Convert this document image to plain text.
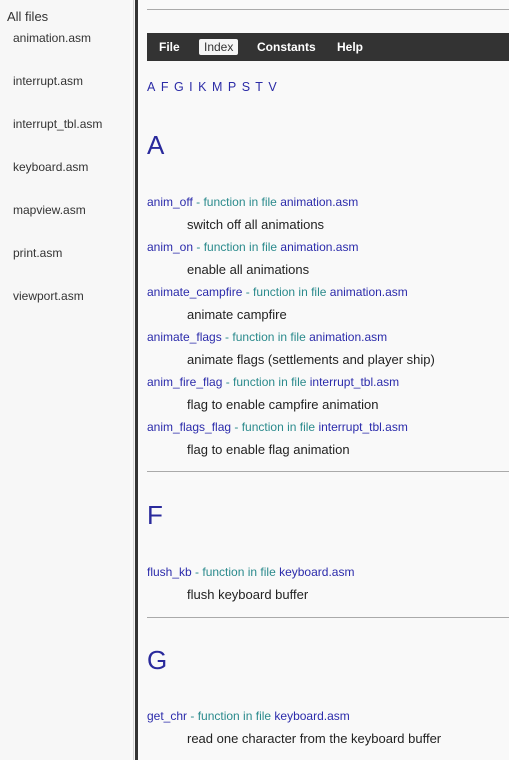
All files
animation.asm
interrupt.asm
interrupt_tbl.asm
keyboard.asm
mapview.asm
print.asm
viewport.asm
File	Index	Constants Help
A F G I K M P S T V
A
anim_off - function in file animation.asm
switch off all animations
anim_on - function in file animation.asm
enable all animations
animate_campfire - function in file animation.asm
animate campfire
animate_flags - function in file animation.asm
animate flags (settlements and player ship)
anim_fire_flag - function in file interrupt_tbl.asm
flag to enable campfire animation
anim_flags_flag - function in file interrupt_tbl.asm
flag to enable flag animation
F
flush_kb - function in file keyboard.asm
flush keyboard buffer
G
get_chr - function in file keyboard.asm
read one character from the keyboard buffer
